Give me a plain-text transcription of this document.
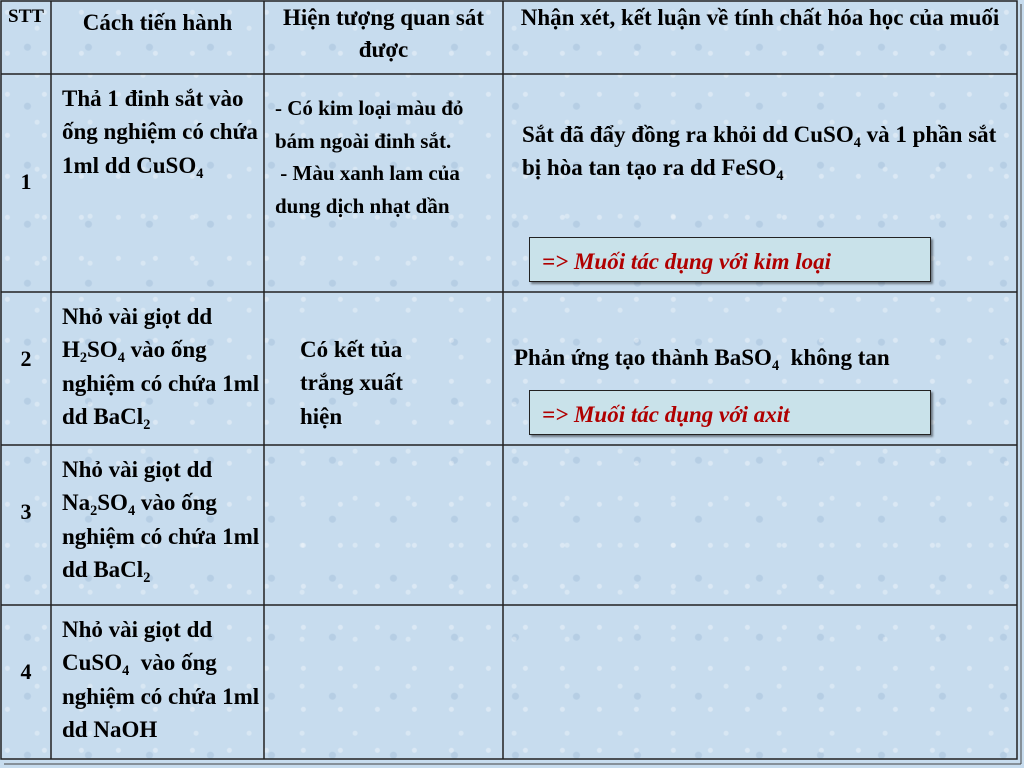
STT	Cách tiến hành	Hiện tượng quan sát được
Nhận xét, kết luận về tính chất hóa học của muối
1
Thả 1 đinh sắt vào ống nghiệm có chứa 1ml dd CuSO$_4$
- Có kim loại màu đỏ bám ngoài đinh sắt.
- Màu xanh lam của dung dịch nhạt dần
Sắt đã đẩy đồng ra khỏi dd CuSO$_4$ và 1 phần sắt bị hòa tan tạo ra dd FeSO$_4$
=> Muối tác dụng với kim loại
2
Nhỏ vài giọt dd $H_2SO_4$ vào ống nghiệm có chứa 1ml dd BaCl$_2$
Có kết tủa trắng xuất hiện
Phản ứng tạo thành BaSO$_4$  không tan
=> Muối tác dụng với axit
3
Nhỏ vài giọt dd $Na_2SO_4$ vào ống nghiệm có chứa 1ml dd BaCl$_2$
4
Nhỏ vài giọt dd CuSO$_4$  vào ống nghiệm có chứa 1ml dd NaOH
